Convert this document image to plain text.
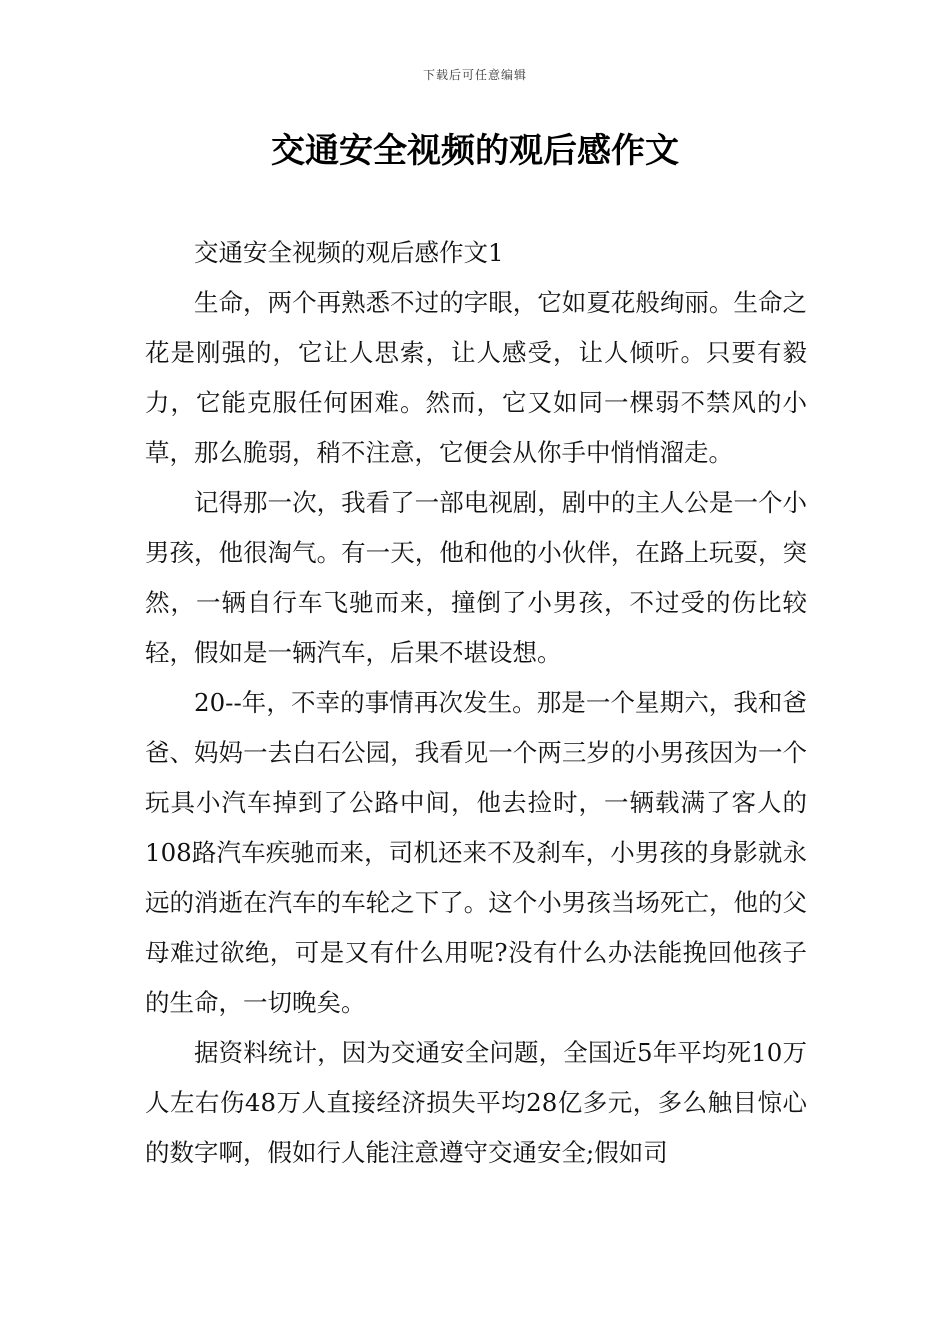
下载后可任意编辑
交通安全视频的观后感作文

交通安全视频的观后感作文1

生命，两个再熟悉不过的字眼，它如夏花般绚丽。生命之花是刚强的，它让人思索，让人感受，让人倾听。只要有毅力，它能克服任何困难。然而，它又如同一棵弱不禁风的小草，那么脆弱，稍不注意，它便会从你手中悄悄溜走。

记得那一次，我看了一部电视剧，剧中的主人公是一个小男孩，他很淘气。有一天，他和他的小伙伴，在路上玩耍，突然，一辆自行车飞驰而来，撞倒了小男孩，不过受的伤比较轻，假如是一辆汽车，后果不堪设想。

20--年，不幸的事情再次发生。那是一个星期六，我和爸爸、妈妈一去白石公园，我看见一个两三岁的小男孩因为一个玩具小汽车掉到了公路中间，他去捡时，一辆载满了客人的108路汽车疾驰而来，司机还来不及刹车，小男孩的身影就永远的消逝在汽车的车轮之下了。这个小男孩当场死亡，他的父母难过欲绝，可是又有什么用呢?没有什么办法能挽回他孩子的生命，一切晚矣。

据资料统计，因为交通安全问题，全国近5年平均死10万人左右伤48万人直接经济损失平均28亿多元，多么触目惊心的数字啊，假如行人能注意遵守交通安全;假如司
